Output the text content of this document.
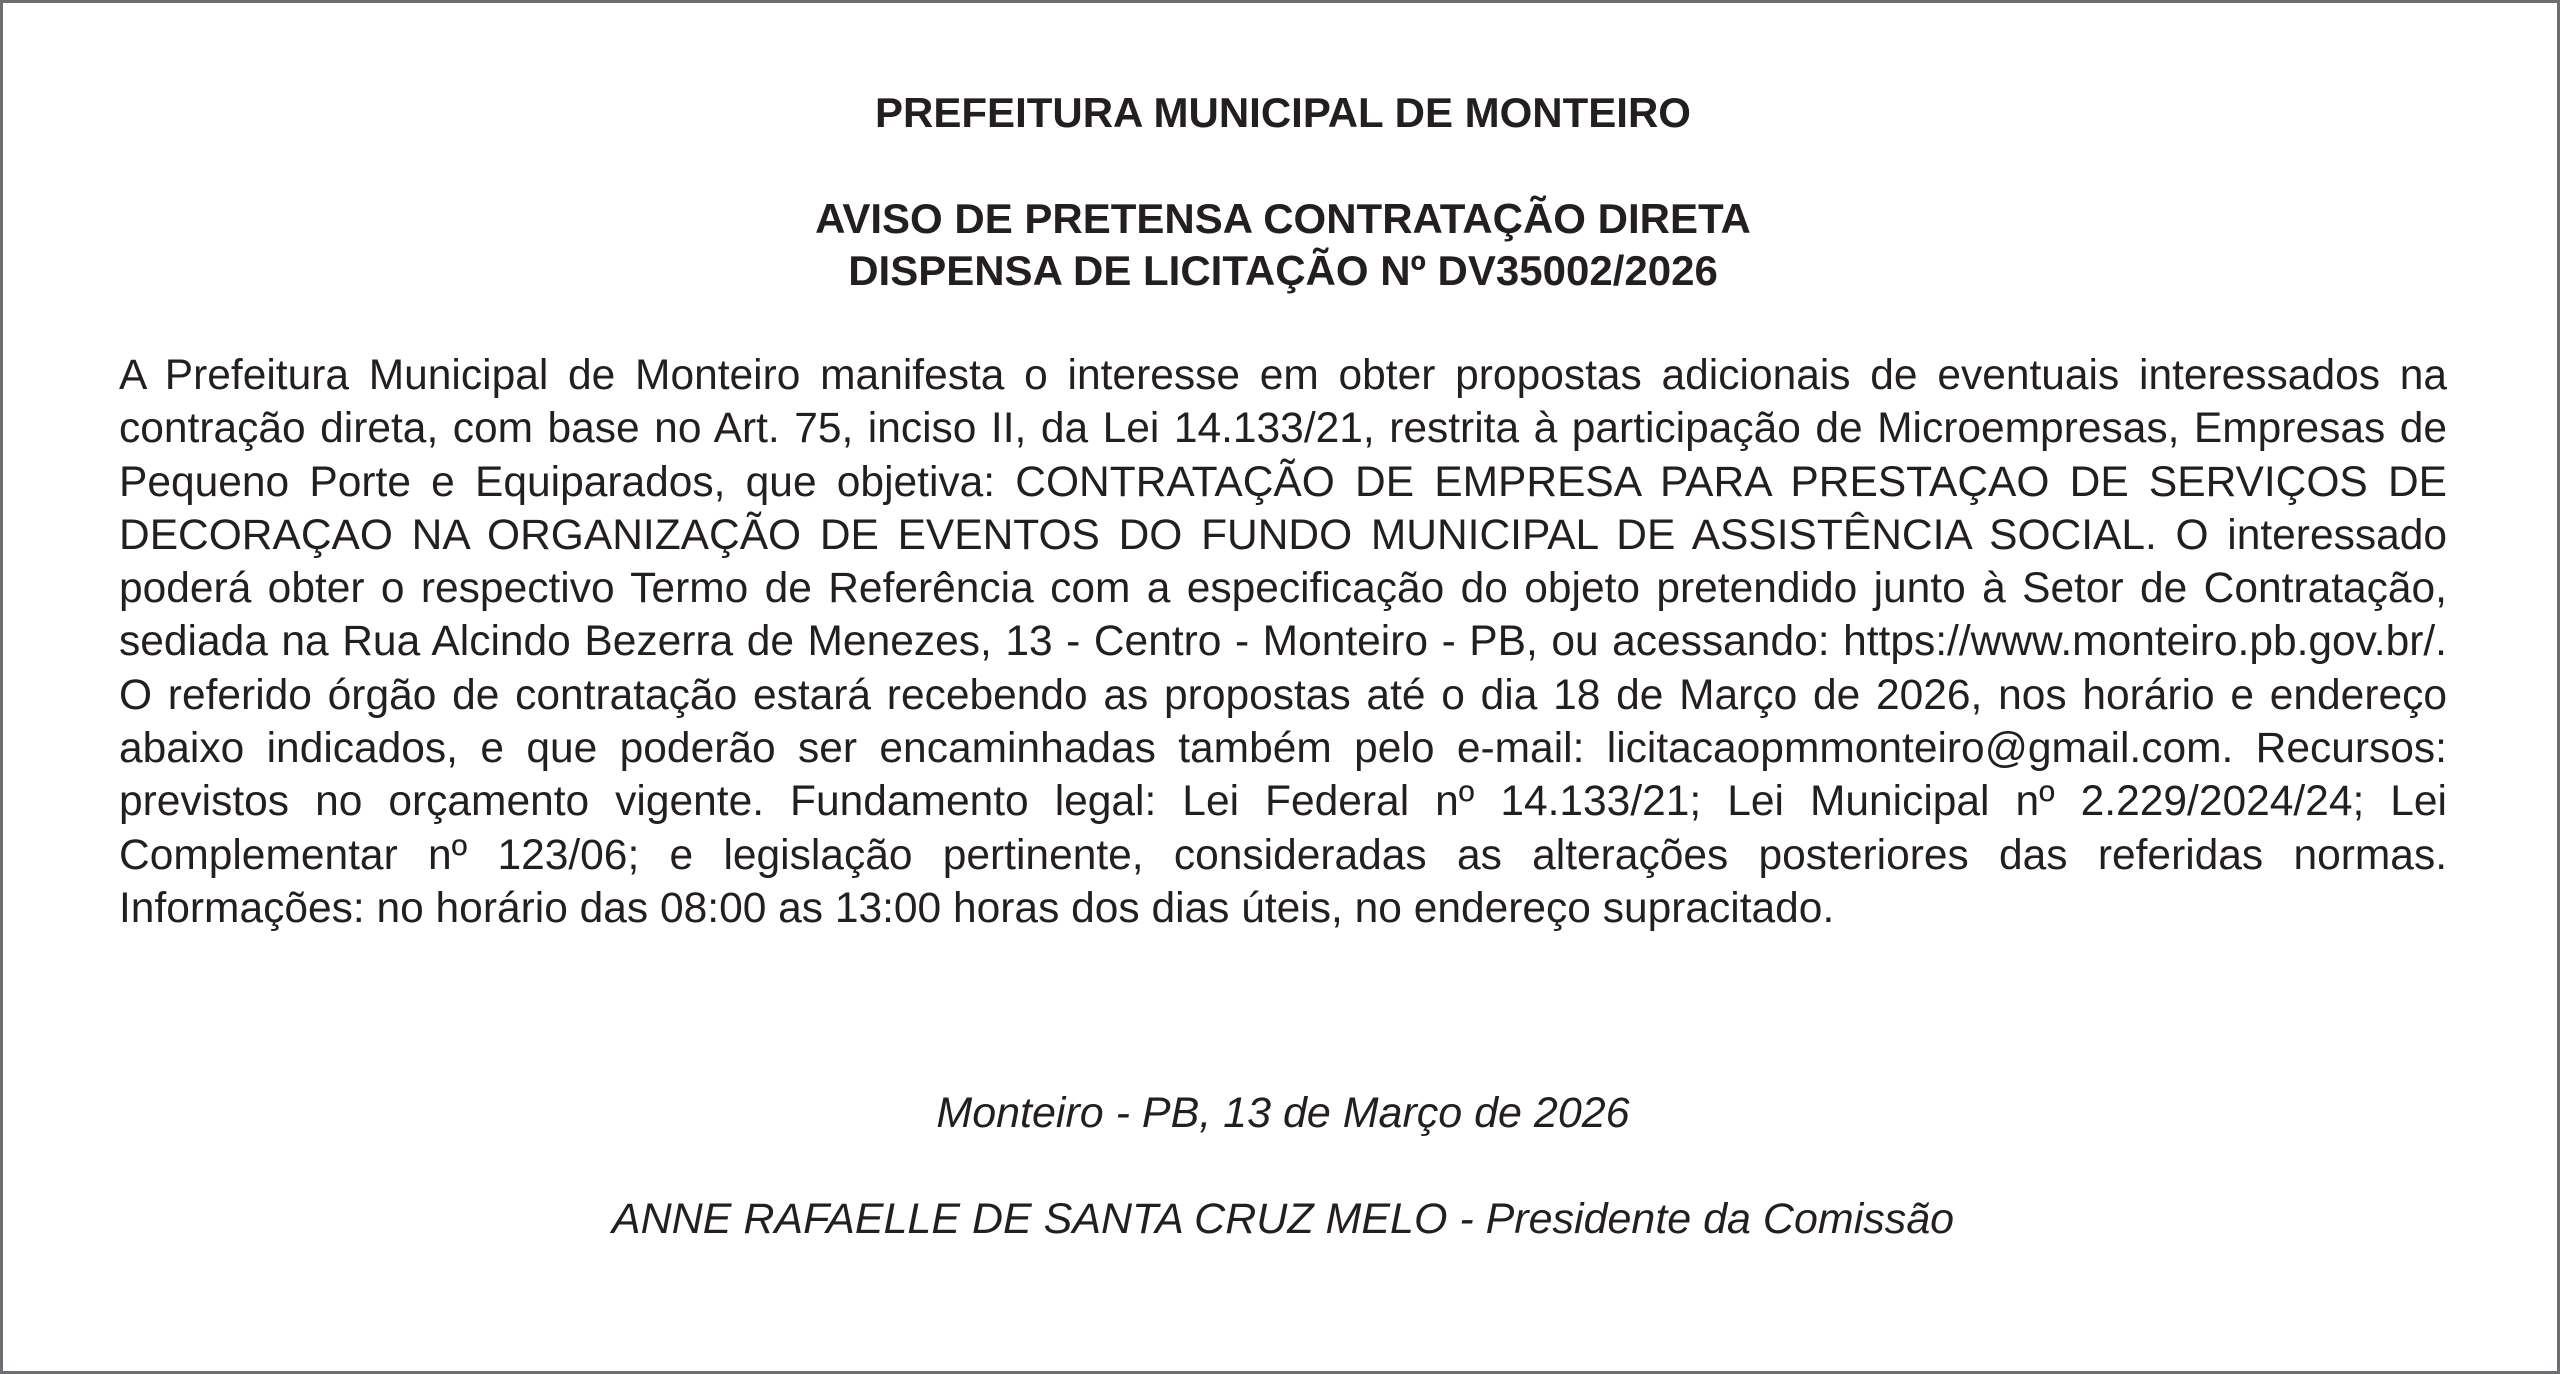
PREFEITURA MUNICIPAL DE MONTEIRO
AVISO DE PRETENSA CONTRATAÇÃO DIRETA
DISPENSA DE LICITAÇÃO Nº DV35002/2026

A Prefeitura Municipal de Monteiro manifesta o interesse em obter propostas adicionais de eventuais interessados na contração direta, com base no Art. 75, inciso II, da Lei 14.133/21, restrita à participação de Microempresas, Empresas de Pequeno Porte e Equiparados, que objetiva: CONTRATAÇÃO DE EMPRESA PARA PRESTAÇAO DE SERVIÇOS DE DECORAÇAO NA ORGANIZAÇÃO DE EVENTOS DO FUNDO MUNICIPAL DE ASSISTÊNCIA SOCIAL. O interessado poderá obter o respectivo Termo de Referência com a especificação do objeto pretendido junto à Setor de Contratação, sediada na Rua Alcindo Bezerra de Menezes, 13 - Centro - Monteiro - PB, ou acessando: https://www.monteiro.pb.gov.br/. O referido órgão de contratação estará recebendo as propostas até o dia 18 de Março de 2026, nos horário e endereço abaixo indicados, e que poderão ser encaminhadas também pelo e-mail: licitacaopmmonteiro@gmail.com. Recursos: previstos no orçamento vigente. Fundamento legal: Lei Federal nº 14.133/21; Lei Municipal nº 2.229/2024/24; Lei Complementar nº 123/06; e legislação pertinente, consideradas as alterações posteriores das referidas normas. Informações: no horário das 08:00 as 13:00 horas dos dias úteis, no endereço supracitado.

Monteiro - PB, 13 de Março de 2026

ANNE RAFAELLE DE SANTA CRUZ MELO - Presidente da Comissão
